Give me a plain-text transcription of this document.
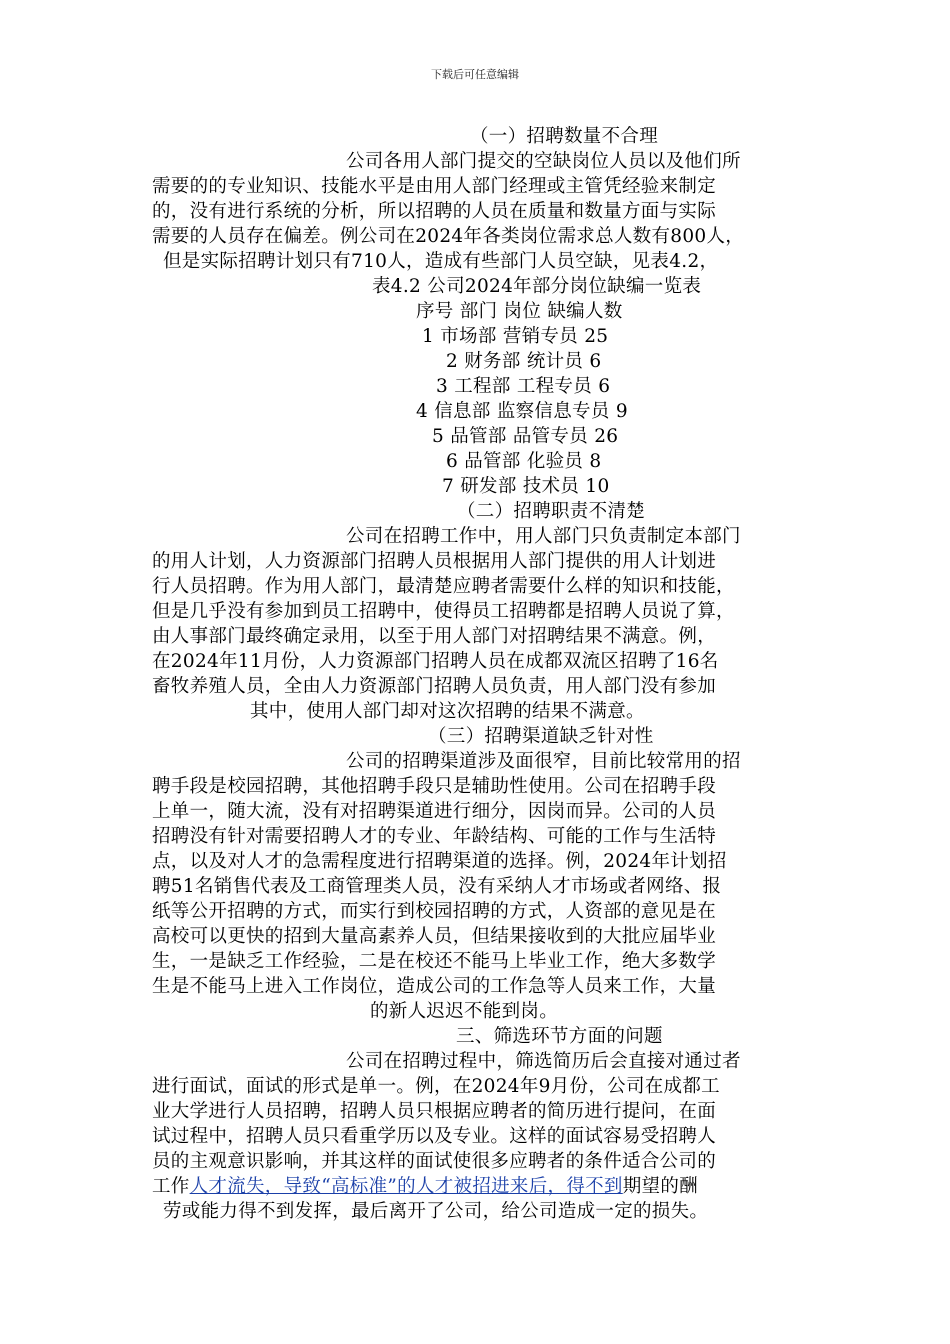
下载后可任意编辑
（一）招聘数量不合理
公司各用人部门提交的空缺岗位人员以及他们所
需要的的专业知识、技能水平是由用人部门经理或主管凭经验来制定
的，没有进行系统的分析，所以招聘的人员在质量和数量方面与实际
需要的人员存在偏差。例公司在2024年各类岗位需求总人数有800人，
但是实际招聘计划只有710人，造成有些部门人员空缺，见表4.2，
表4.2 公司2024年部分岗位缺编一览表
序号 部门 岗位 缺编人数
1 市场部 营销专员 25
2 财务部 统计员 6
3 工程部 工程专员 6
4 信息部 监察信息专员 9
5 品管部 品管专员 26
6 品管部 化验员 8
7 研发部 技术员 10
（二）招聘职责不清楚
公司在招聘工作中，用人部门只负责制定本部门
的用人计划，人力资源部门招聘人员根据用人部门提供的用人计划进
行人员招聘。作为用人部门，最清楚应聘者需要什么样的知识和技能，
但是几乎没有参加到员工招聘中，使得员工招聘都是招聘人员说了算，
由人事部门最终确定录用，以至于用人部门对招聘结果不满意。例，
在2024年11月份，人力资源部门招聘人员在成都双流区招聘了16名
畜牧养殖人员，全由人力资源部门招聘人员负责，用人部门没有参加
其中，使用人部门却对这次招聘的结果不满意。
（三）招聘渠道缺乏针对性
公司的招聘渠道涉及面很窄，目前比较常用的招
聘手段是校园招聘，其他招聘手段只是辅助性使用。公司在招聘手段
上单一，随大流，没有对招聘渠道进行细分，因岗而异。公司的人员
招聘没有针对需要招聘人才的专业、年龄结构、可能的工作与生活特
点，以及对人才的急需程度进行招聘渠道的选择。例，2024年计划招
聘51名销售代表及工商管理类人员，没有采纳人才市场或者网络、报
纸等公开招聘的方式，而实行到校园招聘的方式，人资部的意见是在
高校可以更快的招到大量高素养人员，但结果接收到的大批应届毕业
生，一是缺乏工作经验，二是在校还不能马上毕业工作，绝大多数学
生是不能马上进入工作岗位，造成公司的工作急等人员来工作，大量
的新人迟迟不能到岗。
三、筛选环节方面的问题
公司在招聘过程中，筛选简历后会直接对通过者
进行面试，面试的形式是单一。例，在2024年9月份，公司在成都工
业大学进行人员招聘，招聘人员只根据应聘者的简历进行提问，在面
试过程中，招聘人员只看重学历以及专业。这样的面试容易受招聘人
员的主观意识影响，并其这样的面试使很多应聘者的条件适合公司的
工作人才流失，导致“高标准”的人才被招进来后，得不到期望的酬
劳或能力得不到发挥，最后离开了公司，给公司造成一定的损失。
